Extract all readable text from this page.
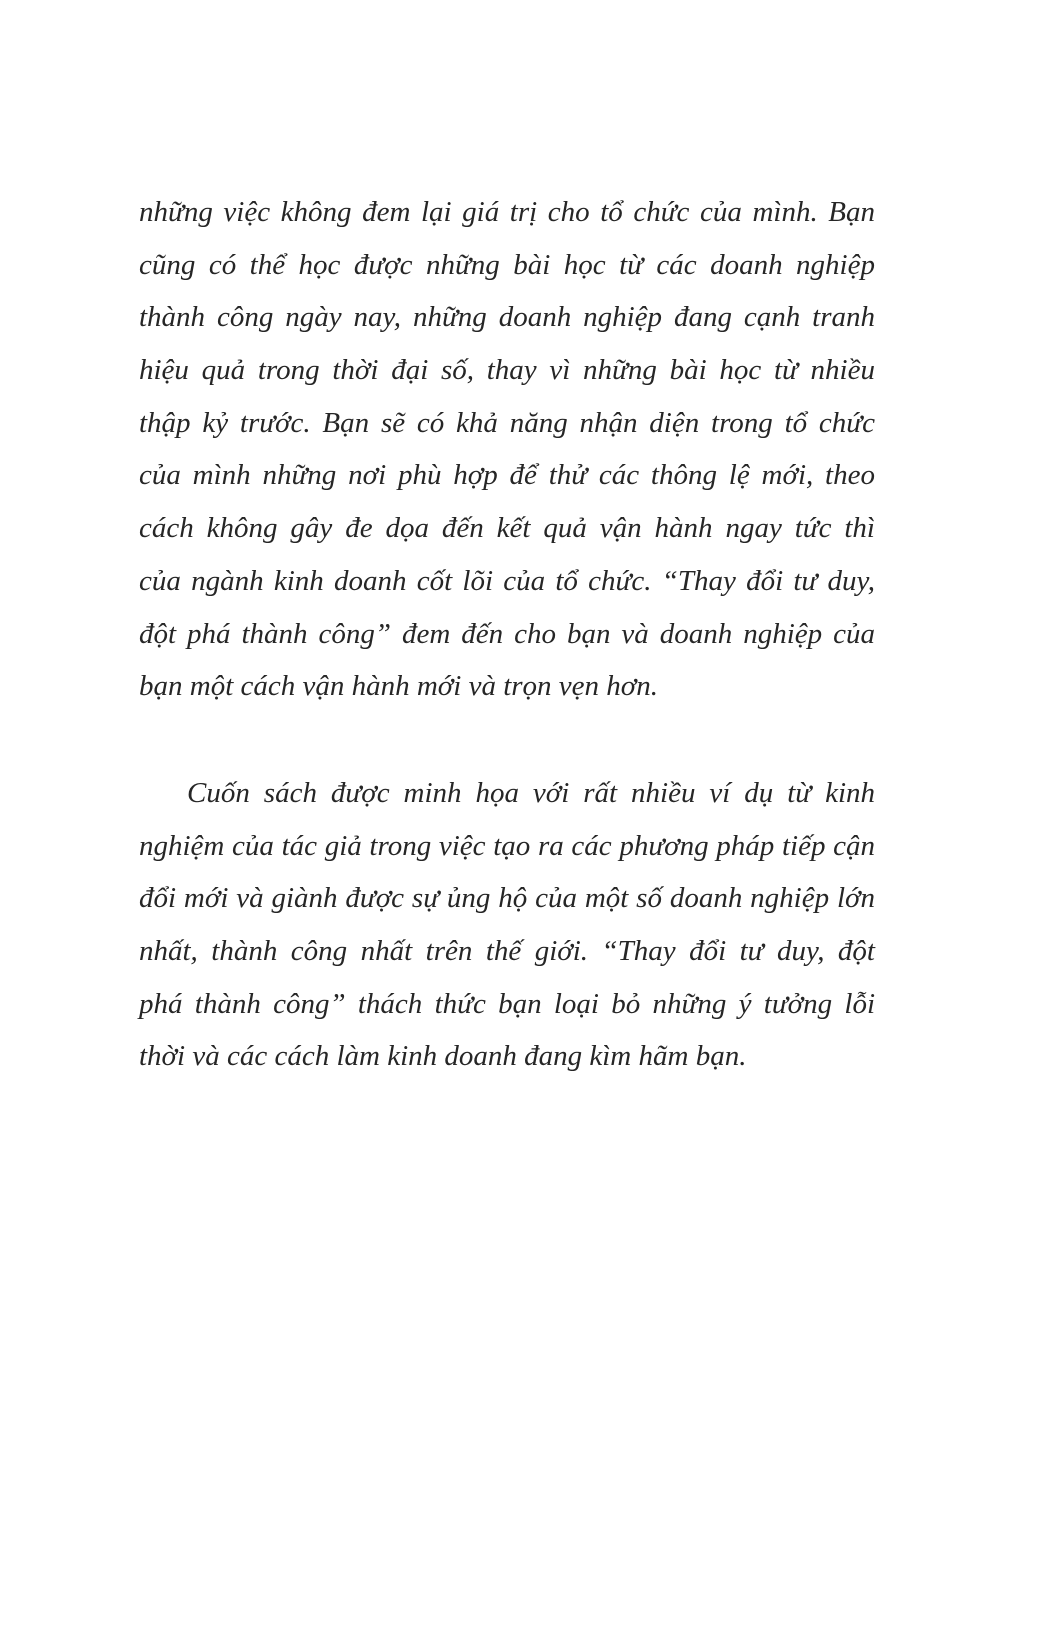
những việc không đem lại giá trị cho tổ chức của mình. Bạn
cũng có thể học được những bài học từ các doanh nghiệp
thành công ngày nay, những doanh nghiệp đang cạnh tranh
hiệu quả trong thời đại số, thay vì những bài học từ nhiều
thập kỷ trước. Bạn sẽ có khả năng nhận diện trong tổ chức
của mình những nơi phù hợp để thử các thông lệ mới, theo
cách không gây đe dọa đến kết quả vận hành ngay tức thì
của ngành kinh doanh cốt lõi của tổ chức. “Thay đổi tư duy,
đột phá thành công” đem đến cho bạn và doanh nghiệp của
bạn một cách vận hành mới và trọn vẹn hơn.
Cuốn sách được minh họa với rất nhiều ví dụ từ kinh
nghiệm của tác giả trong việc tạo ra các phương pháp tiếp cận
đổi mới và giành được sự ủng hộ của một số doanh nghiệp lớn
nhất, thành công nhất trên thế giới. “Thay đổi tư duy, đột
phá thành công” thách thức bạn loại bỏ những ý tưởng lỗi
thời và các cách làm kinh doanh đang kìm hãm bạn.
